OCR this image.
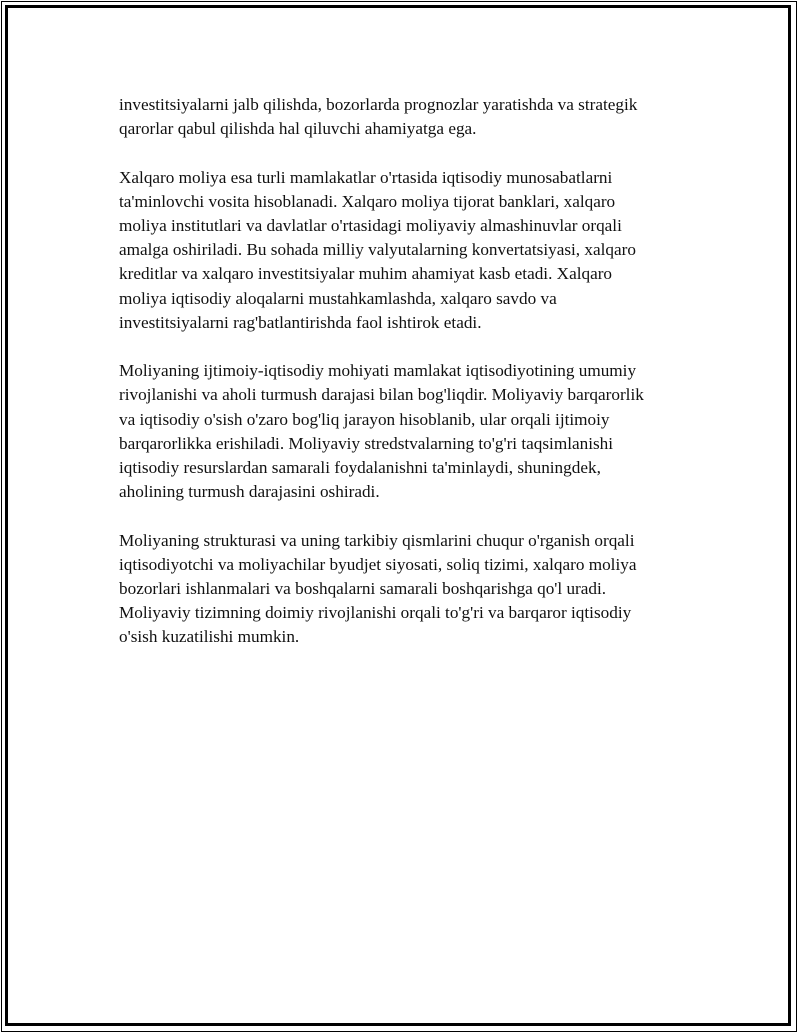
investitsiyalarni jalb qilishda, bozorlarda prognozlar yaratishda va strategik
qarorlar qabul qilishda hal qiluvchi ahamiyatga ega.

Xalqaro moliya esa turli mamlakatlar o'rtasida iqtisodiy munosabatlarni
ta'minlovchi vosita hisoblanadi. Xalqaro moliya tijorat banklari, xalqaro
moliya institutlari va davlatlar o'rtasidagi moliyaviy almashinuvlar orqali
amalga oshiriladi. Bu sohada milliy valyutalarning konvertatsiyasi, xalqaro
kreditlar va xalqaro investitsiyalar muhim ahamiyat kasb etadi. Xalqaro
moliya iqtisodiy aloqalarni mustahkamlashda, xalqaro savdo va
investitsiyalarni rag'batlantirishda faol ishtirok etadi.

Moliyaning ijtimoiy-iqtisodiy mohiyati mamlakat iqtisodiyotining umumiy
rivojlanishi va aholi turmush darajasi bilan bog'liqdir. Moliyaviy barqarorlik
va iqtisodiy o'sish o'zaro bog'liq jarayon hisoblanib, ular orqali ijtimoiy
barqarorlikka erishiladi. Moliyaviy stredstvalarning to'g'ri taqsimlanishi
iqtisodiy resurslardan samarali foydalanishni ta'minlaydi, shuningdek,
aholining turmush darajasini oshiradi.

Moliyaning strukturasi va uning tarkibiy qismlarini chuqur o'rganish orqali
iqtisodiyotchi va moliyachilar byudjet siyosati, soliq tizimi, xalqaro moliya
bozorlari ishlanmalari va boshqalarni samarali boshqarishga qo'l uradi.
Moliyaviy tizimning doimiy rivojlanishi orqali to'g'ri va barqaror iqtisodiy
o'sish kuzatilishi mumkin.
